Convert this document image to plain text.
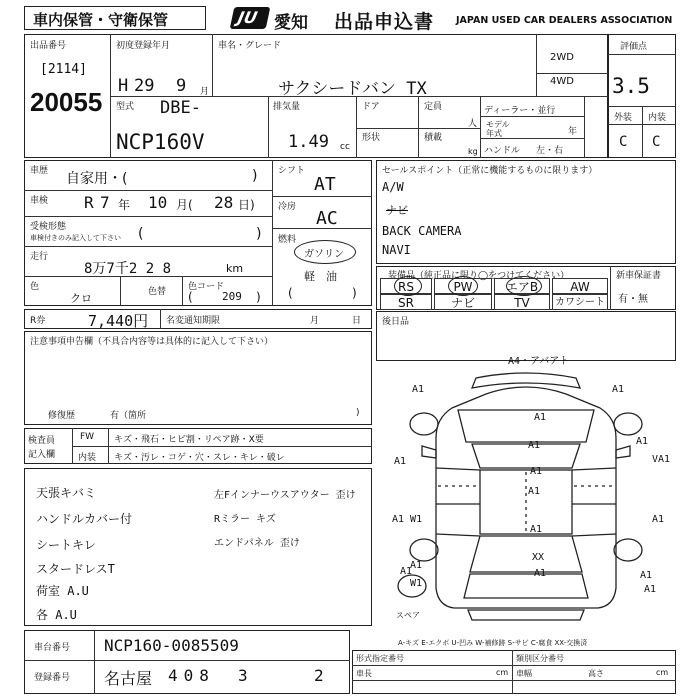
車内保管・守衛保管	JU 愛知 出品申込書 JAPAN USED CAR DEALERS ASSOCIATION
出品番号
[2114]
20055
初度登録年月
H 29 9 月
車名・グレード
サクシードバン TX
2WD
4WD
型式 DBE-
NCP160V
排気量
1.49 cc
ドア	定員
人
形状	積載
kg
ディーラー・並行
モデル
年式	年
ハンドル 左・右
評価点
3.5
外装 内装
C C
車歴 自家用・(	)
車検 R 7 年 10 月( 28 日)
受検形態
車検付きのみ記入して下さい (	)
走行
8万7千2 2 8	km
色
クロ	色替 色コード
(	209 )
シフト
AT
冷房
AC
燃料
ガソリン
軽　油
(	)
セールスポイント（正常に機能するものに限ります）
A/W
ナビ
BACK CAMERA
NAVI
装備品（純正品に限り◯をつけてください）	新車保証書
有・無
RS	PW	エアB	AW
SR	ナビ	TV	カワシート
R券	7,440円 名変通知期限	月	日
注意事項申告欄（不具合内容等は具体的に記入して下さい）
修復歴	有（箇所	)
後日品
検査員
記入欄
FW キズ・飛石・ヒビ割・リペア跡・X要
内装 キズ・汚レ・コゲ・穴・スレ・キレ・破レ
天張キバミ
ハンドルカバー付
シートキレ
スタードレスT
荷室 A.U
各 A.U
左Fインナーウスアウター 歪け
Rミラー キズ
エンドパネル 歪け
A4・アバアト
A1	A1
A1
A1
A1
A1
VA1
A1 W1
A1
A1
A1
XX
A1	A1	A1
W1
A1
A1
A1
スペア
A-キズ E-エクボ U-凹み W-補修跡 S-サビ C-腐食 XX-交換済
車台番号 NCP160-0085509
登録番号 名古屋 408 3	2
形式指定番号	類別区分番号
車長	cm 車幅	高さ	cm
